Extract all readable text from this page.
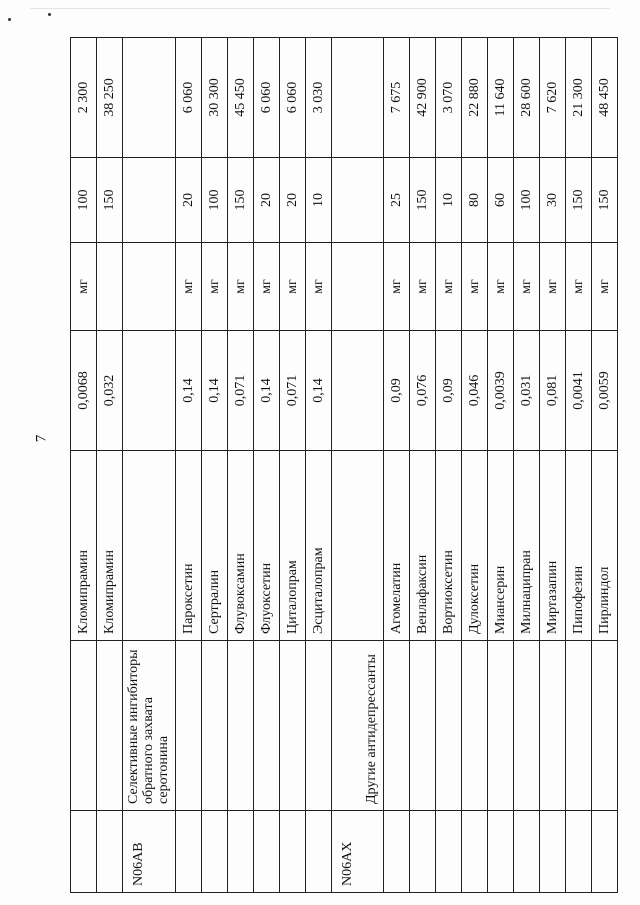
7
		Кломипрамин	0,0068	мг	100	2 300
		Кломипрамин	0,032		150	38 250
N06AB	Селективные ингибиторы обратного захвата серотонина					
		Пароксетин	0,14	мг	20	6 060
		Сертралин	0,14	мг	100	30 300
		Флувоксамин	0,071	мг	150	45 450
		Флуоксетин	0,14	мг	20	6 060
		Циталопрам	0,071	мг	20	6 060
		Эсциталопрам	0,14	мг	10	3 030
N06AX	Другие антидепрессанты					
		Агомелатин	0,09	мг	25	7 675
		Венлафаксин	0,076	мг	150	42 900
		Вортиоксетин	0,09	мг	10	3 070
		Дулоксетин	0,046	мг	80	22 880
		Миансерин	0,0039	мг	60	11 640
		Милнаципран	0,031	мг	100	28 600
		Миртазапин	0,081	мг	30	7 620
		Пипофезин	0,0041	мг	150	21 300
		Пирлиндол	0,0059	мг	150	48 450
